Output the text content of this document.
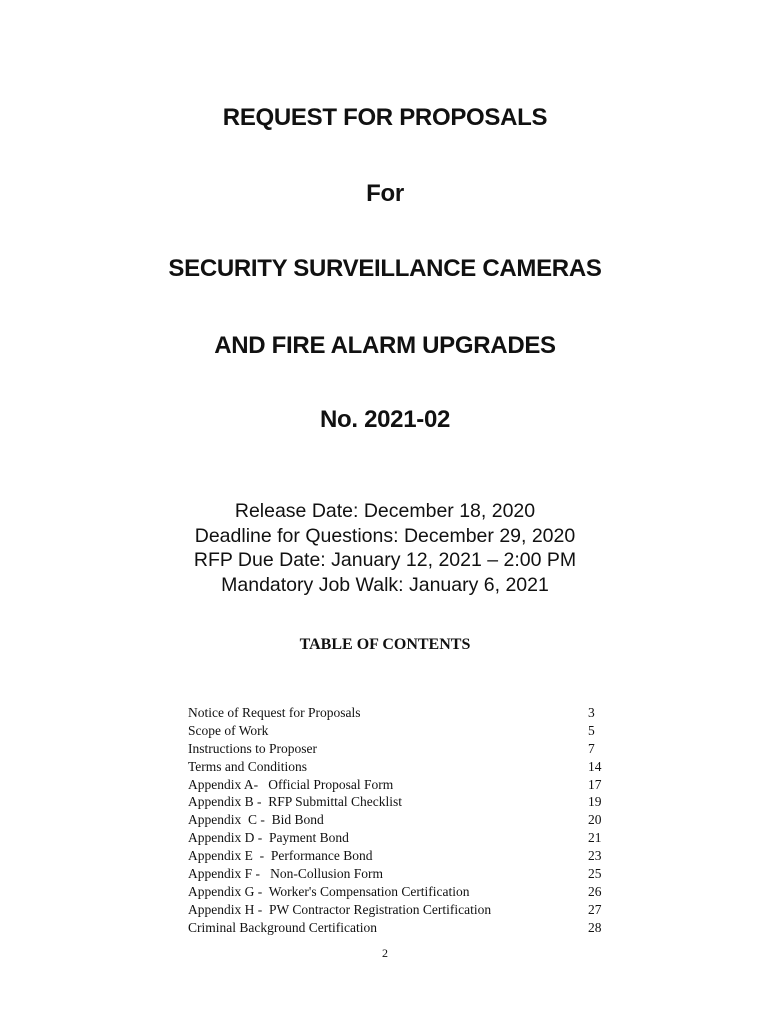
REQUEST FOR PROPOSALS
For
SECURITY SURVEILLANCE CAMERAS
AND FIRE ALARM UPGRADES
No. 2021-02
Release Date: December 18, 2020
Deadline for Questions: December 29, 2020
RFP Due Date: January 12, 2021 – 2:00 PM
Mandatory Job Walk: January 6, 2021
TABLE OF CONTENTS
Notice of Request for Proposals	3
Scope of Work	5
Instructions to Proposer	7
Terms and Conditions	14
Appendix A-   Official Proposal Form	17
Appendix B -  RFP Submittal Checklist	19
Appendix  C -  Bid Bond	20
Appendix D -  Payment Bond	21
Appendix E  -  Performance Bond	23
Appendix F -   Non-Collusion Form	25
Appendix G -  Worker's Compensation Certification	26
Appendix H -  PW Contractor Registration Certification	27
Criminal Background Certification	28
2
